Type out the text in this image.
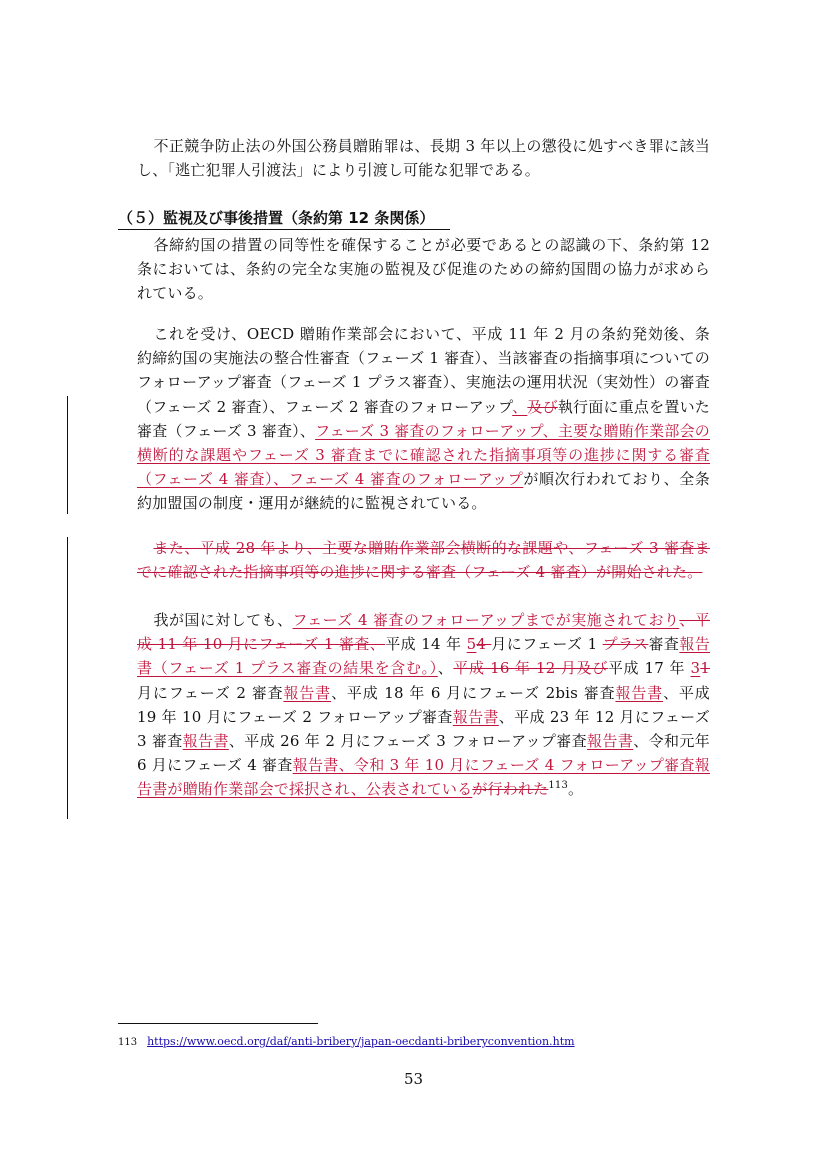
不正競争防止法の外国公務員贈賄罪は、長期 3 年以上の懲役に処すべき罪に該当し、「逃亡犯罪人引渡法」により引渡し可能な犯罪である。

（５）監視及び事後措置（条約第 12 条関係）

各締約国の措置の同等性を確保することが必要であるとの認識の下、条約第 12 条においては、条約の完全な実施の監視及び促進のための締約国間の協力が求められている。

これを受け、OECD 贈賄作業部会において、平成 11 年 2 月の条約発効後、条約締約国の実施法の整合性審査（フェーズ 1 審査）、当該審査の指摘事項についてのフォローアップ審査（フェーズ 1 プラス審査）、実施法の運用状況（実効性）の審査（フェーズ 2 審査）、フェーズ 2 審査のフォローアップ、及び執行面に重点を置いた審査（フェーズ 3 審査）、フェーズ 3 審査のフォローアップ、主要な贈賄作業部会の横断的な課題やフェーズ 3 審査までに確認された指摘事項等の進捗に関する審査（フェーズ 4 審査）、フェーズ 4 審査のフォローアップが順次行われており、全条約加盟国の制度・運用が継続的に監視されている。

また、平成 28 年より、主要な贈賄作業部会横断的な課題や、フェーズ 3 審査までに確認された指摘事項等の進捗に関する審査（フェーズ 4 審査）が開始された。

我が国に対しても、フェーズ 4 審査のフォローアップまでが実施されており、平成 11 年 10 月にフェーズ 1 審査、平成 14 年 54 月にフェーズ 1 プラス審査報告書（フェーズ 1 プラス審査の結果を含む。）、平成 16 年 12 月及び平成 17 年 31 月にフェーズ 2 審査報告書、平成 18 年 6 月にフェーズ 2bis 審査報告書、平成 19 年 10 月にフェーズ 2 フォローアップ審査報告書、平成 23 年 12 月にフェーズ 3 審査報告書、平成 26 年 2 月にフェーズ 3 フォローアップ審査報告書、令和元年 6 月にフェーズ 4 審査報告書、令和 3 年 10 月にフェーズ 4 フォローアップ審査報告書が贈賄作業部会で採択され、公表されているが行われた$^{113}$。

113 https://www.oecd.org/daf/anti-bribery/japan-oecdanti-briberyconvention.htm

53
